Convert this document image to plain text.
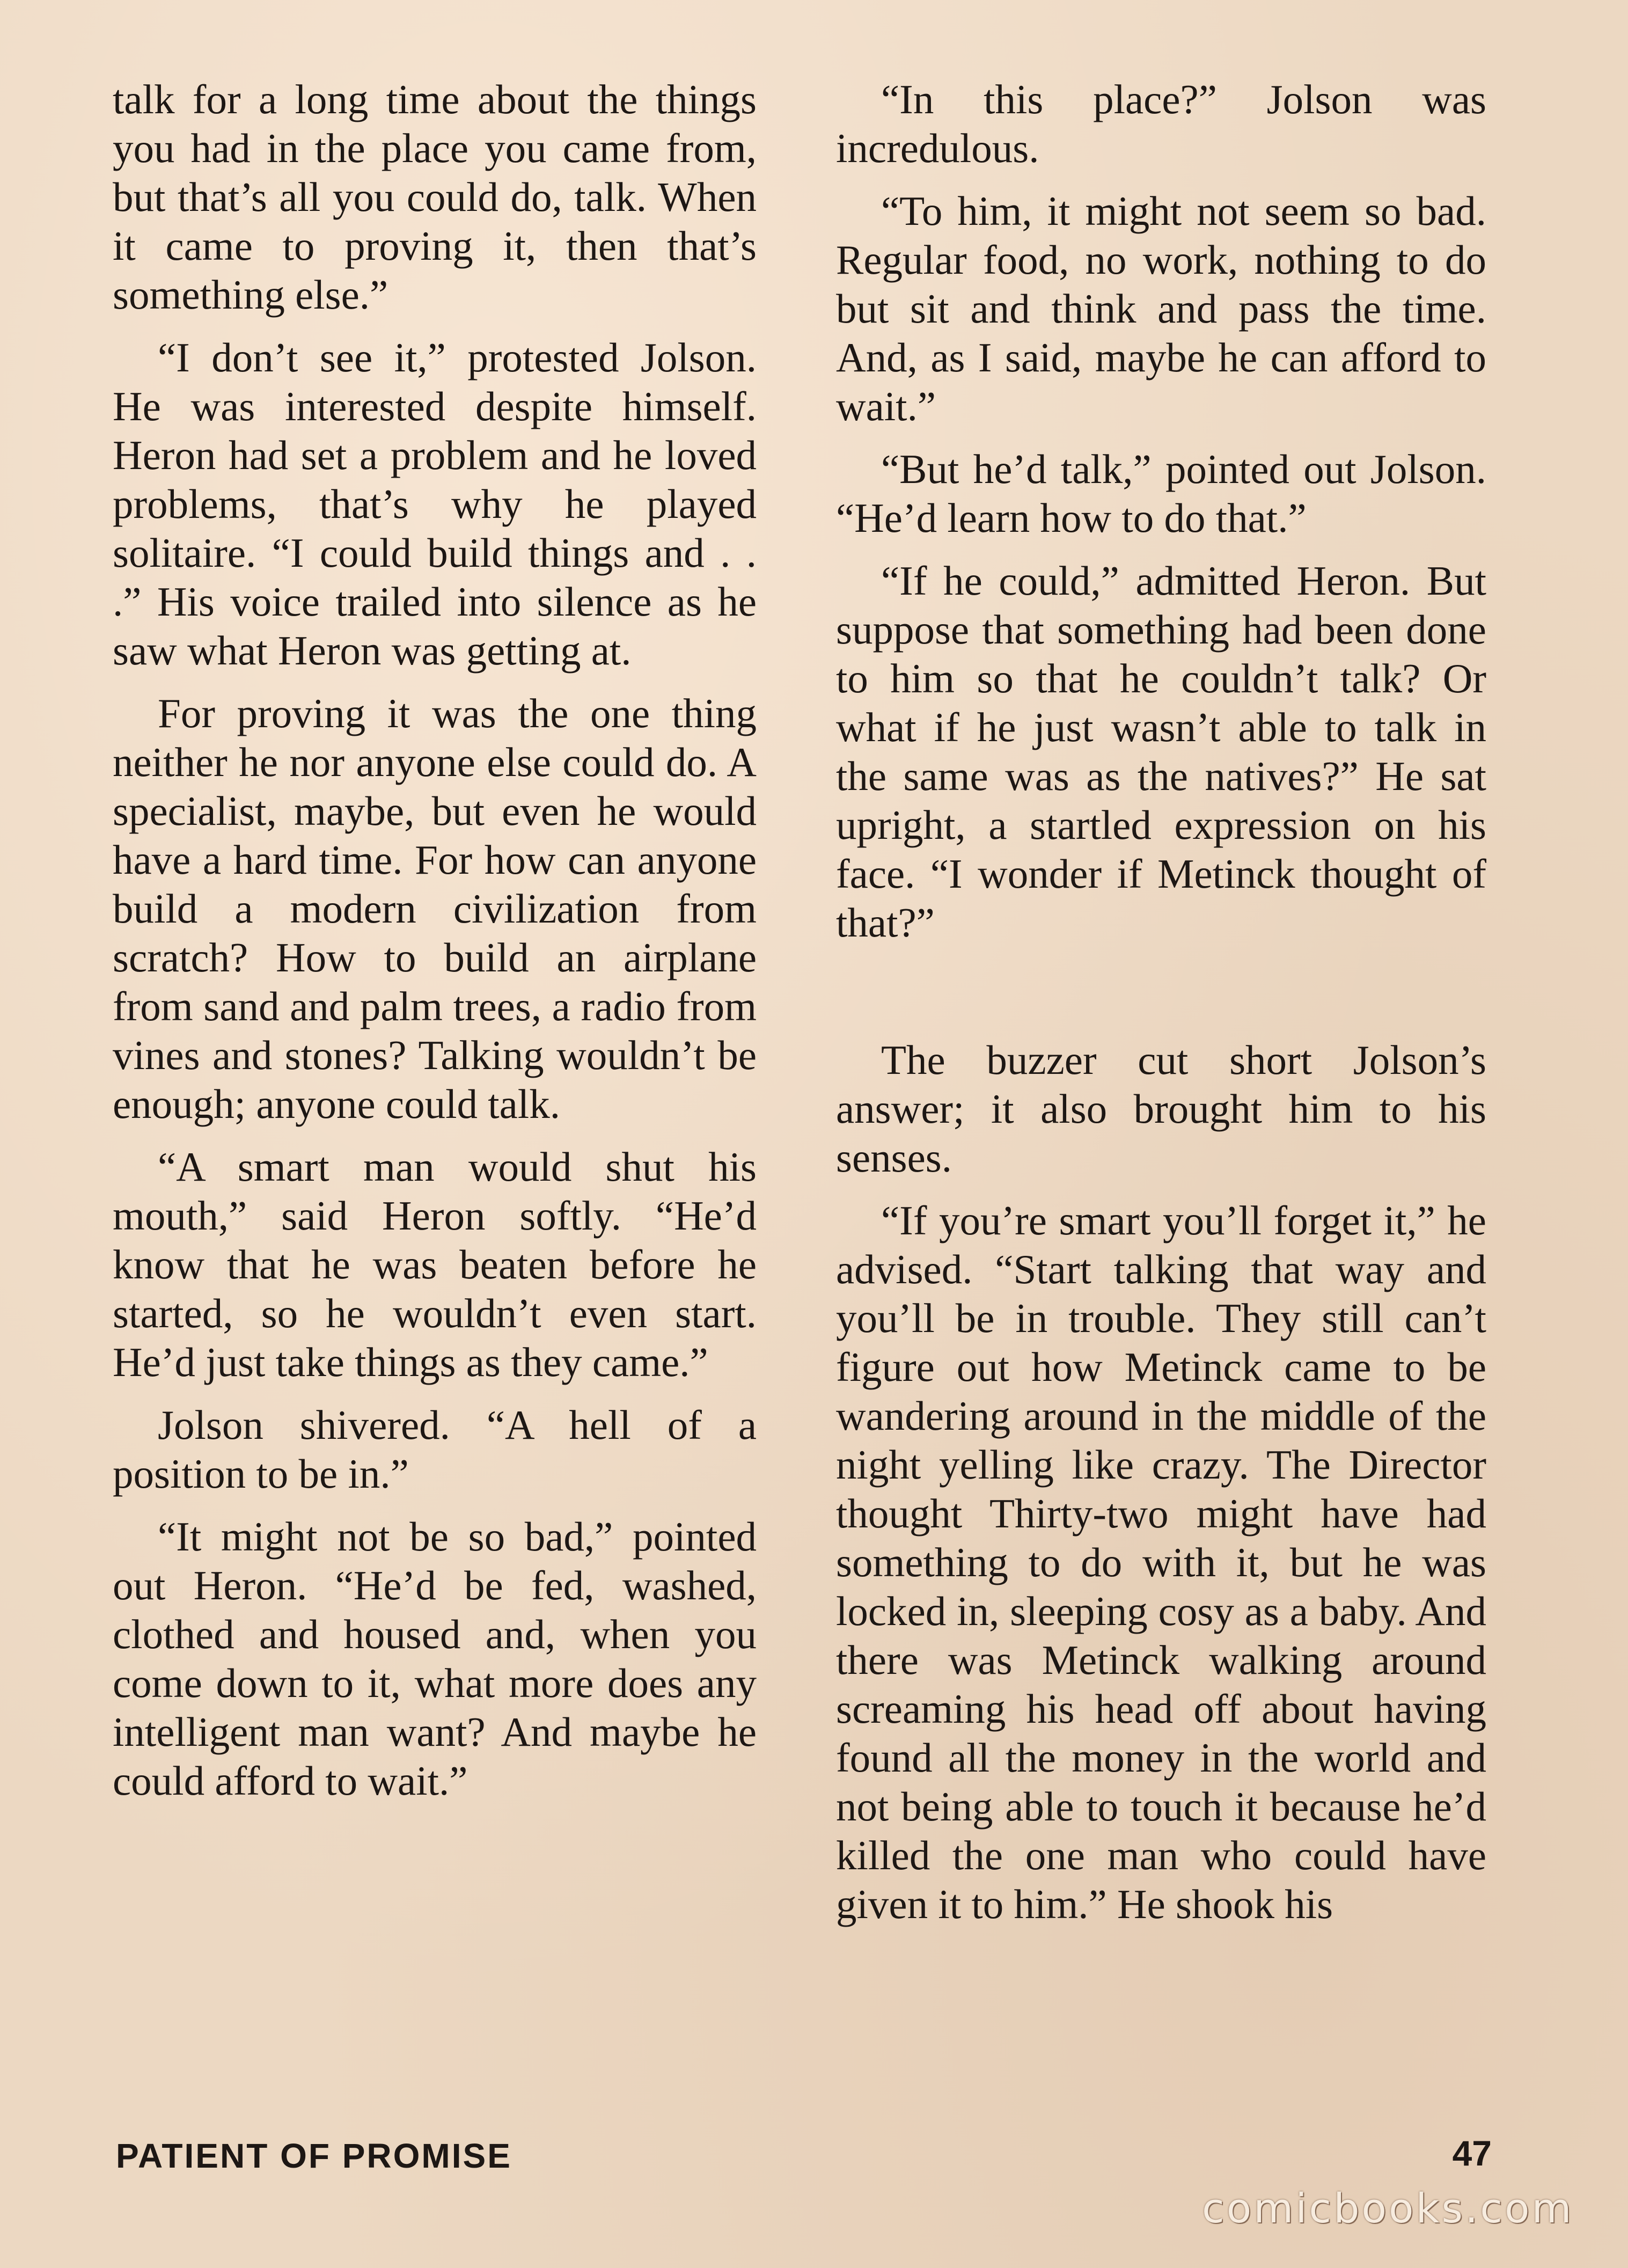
talk for a long time about the things you had in the place you came from, but that’s all you could do, talk. When it came to proving it, then that’s something else.”

“I don’t see it,” protested Jolson. He was interested despite himself. Heron had set a problem and he loved problems, that’s why he played solitaire. “I could build things and . . .” His voice trailed into silence as he saw what Heron was getting at.

For proving it was the one thing neither he nor anyone else could do. A specialist, maybe, but even he would have a hard time. For how can anyone build a modern civilization from scratch? How to build an airplane from sand and palm trees, a radio from vines and stones? Talking wouldn’t be enough; anyone could talk.

“A smart man would shut his mouth,” said Heron softly. “He’d know that he was beaten before he started, so he wouldn’t even start. He’d just take things as they came.”

Jolson shivered. “A hell of a position to be in.”

“It might not be so bad,” pointed out Heron. “He’d be fed, washed, clothed and housed and, when you come down to it, what more does any intelligent man want? And maybe he could afford to wait.”

“In this place?” Jolson was incredulous.

“To him, it might not seem so bad. Regular food, no work, nothing to do but sit and think and pass the time. And, as I said, maybe he can afford to wait.”

“But he’d talk,” pointed out Jolson. “He’d learn how to do that.”

“If he could,” admitted Heron. But suppose that something had been done to him so that he couldn’t talk? Or what if he just wasn’t able to talk in the same was as the natives?” He sat upright, a startled expression on his face. “I wonder if Metinck thought of that?”

The buzzer cut short Jolson’s answer; it also brought him to his senses.

“If you’re smart you’ll forget it,” he advised. “Start talking that way and you’ll be in trouble. They still can’t figure out how Metinck came to be wandering around in the middle of the night yelling like crazy. The Director thought Thirty-two might have had something to do with it, but he was locked in, sleeping cosy as a baby. And there was Metinck walking around screaming his head off about having found all the money in the world and not being able to touch it because he’d killed the one man who could have given it to him.” He shook his

PATIENT OF PROMISE	47
comicbooks.com
